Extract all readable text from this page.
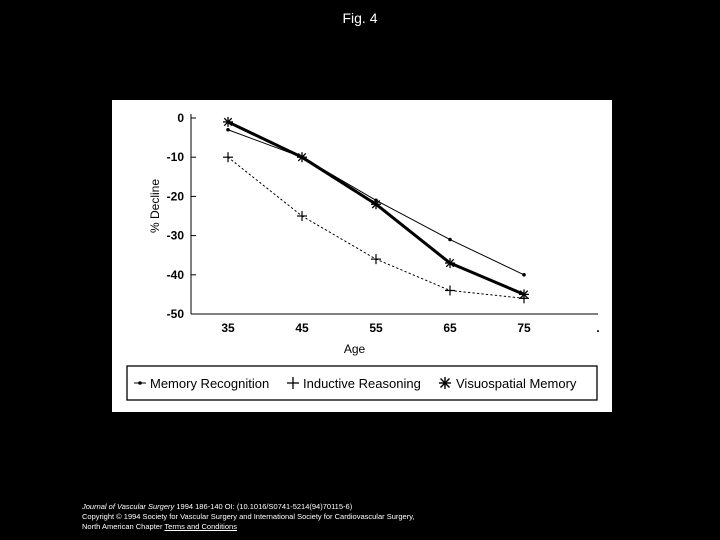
Fig. 4
0
-10
-20
-30
-40
-50
35	45	55	65	75	.
Age
% Decline
Memory Recognition	Inductive Reasoning	Visuospatial Memory
Journal of Vascular Surgery 1994 186-140 OI: (10.1016/S0741-5214(94)70115-6)
Copyright © 1994 Society for Vascular Surgery and International Society for Cardiovascular Surgery,
North American Chapter Terms and Conditions
